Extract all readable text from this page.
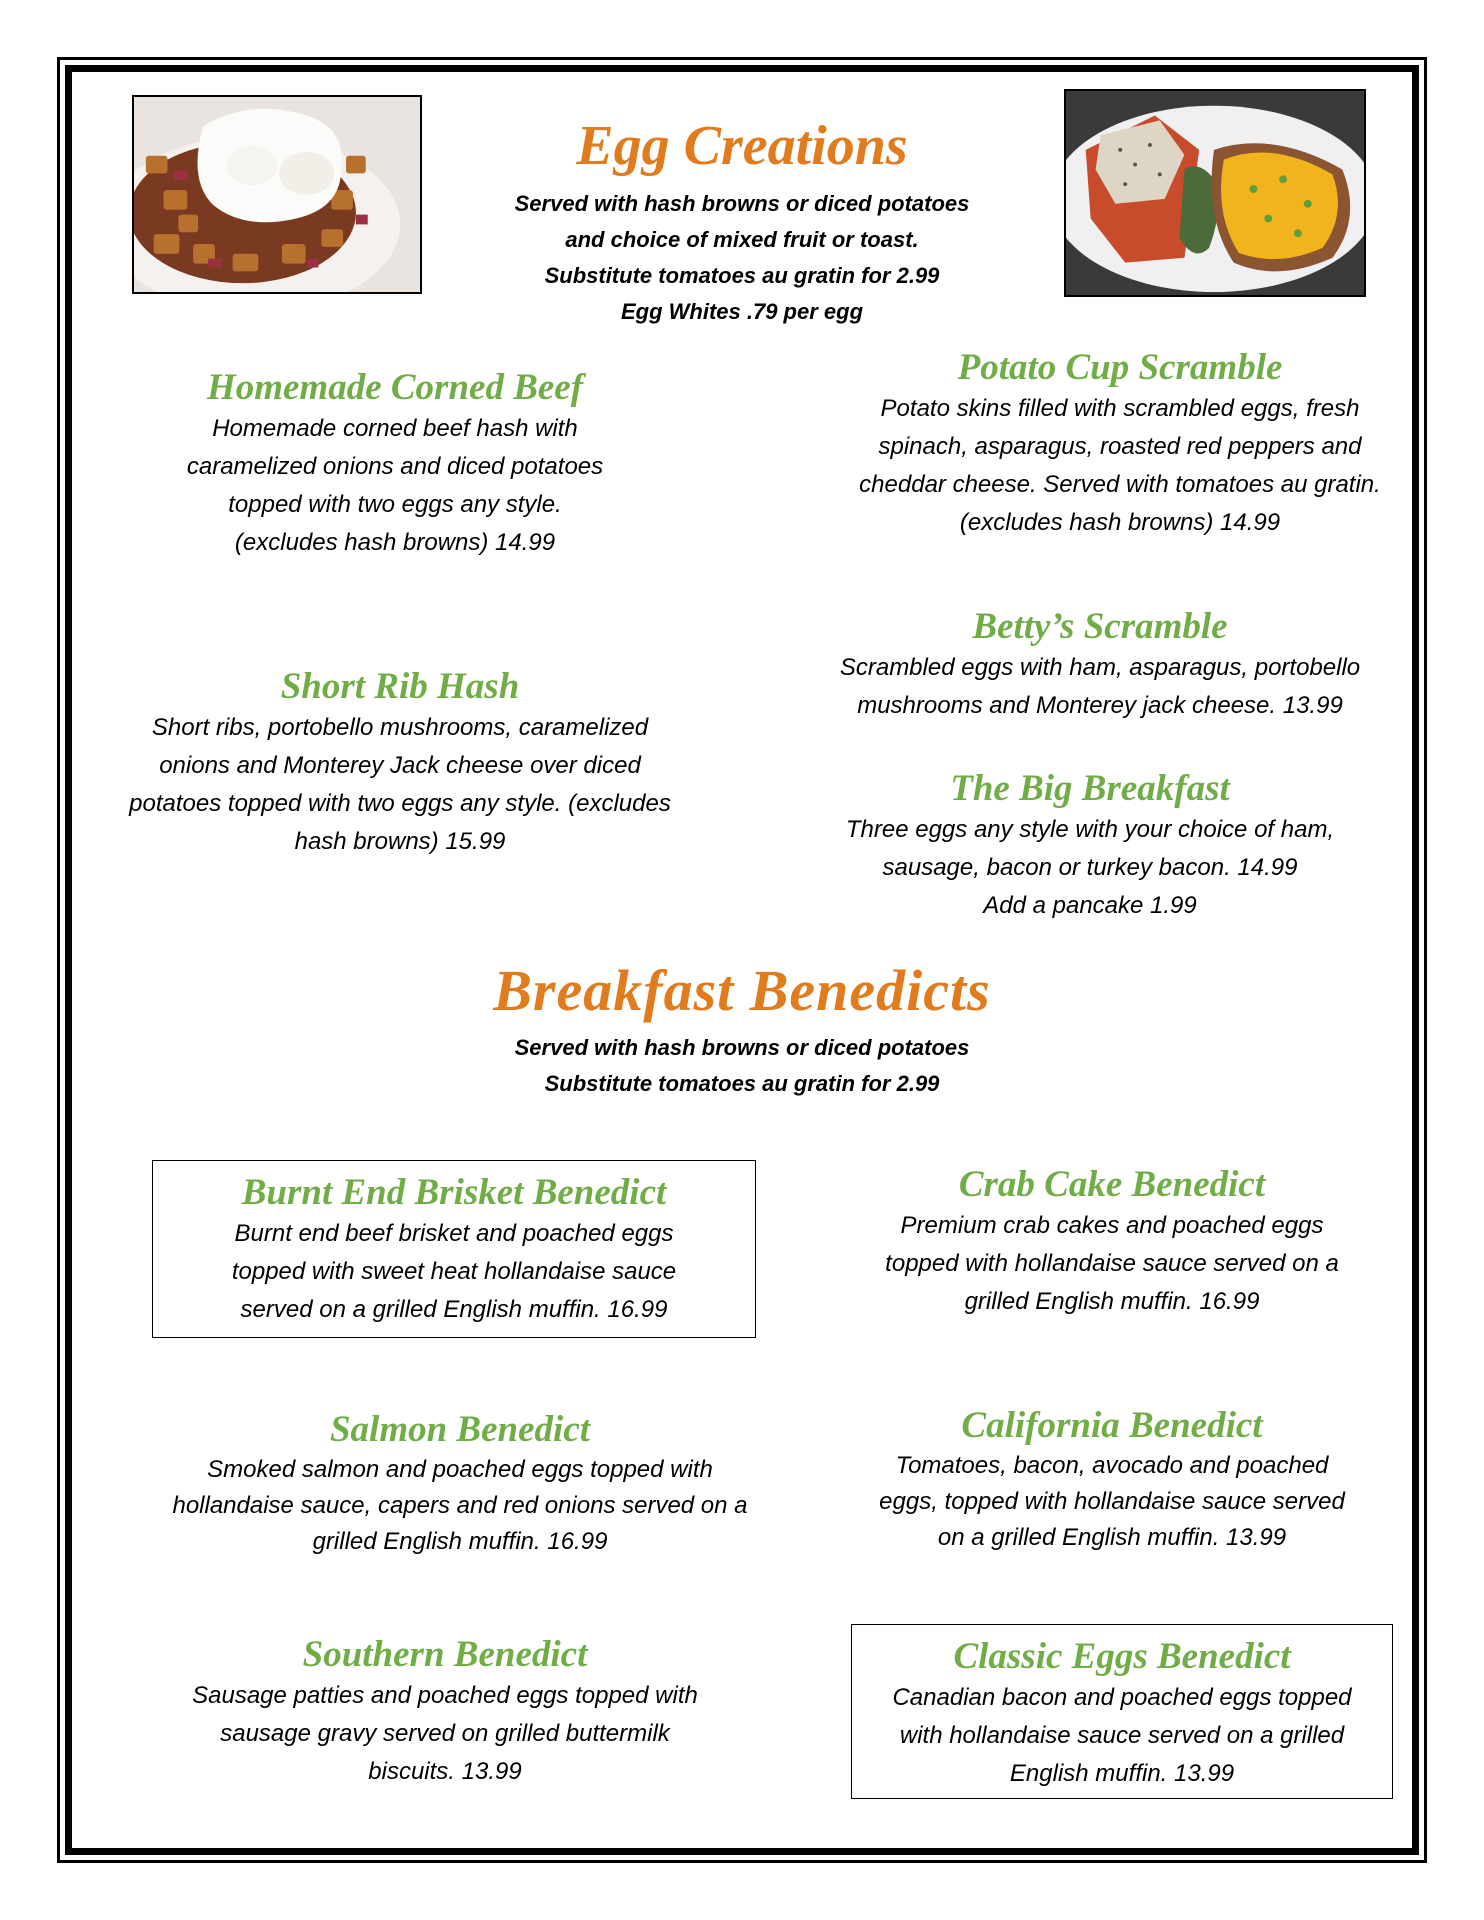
Egg Creations
Served with hash browns or diced potatoes
and choice of mixed fruit or toast.
Substitute tomatoes au gratin for 2.99
Egg Whites .79 per egg
Homemade Corned Beef
Homemade corned beef hash with
caramelized onions and diced potatoes
topped with two eggs any style.
(excludes hash browns) 14.99
Potato Cup Scramble
Potato skins filled with scrambled eggs, fresh
spinach, asparagus, roasted red peppers and
cheddar cheese. Served with tomatoes au gratin.
(excludes hash browns) 14.99
Betty’s Scramble
Scrambled eggs with ham, asparagus, portobello
mushrooms and Monterey jack cheese. 13.99
Short Rib Hash
Short ribs, portobello mushrooms, caramelized
onions and Monterey Jack cheese over diced
potatoes topped with two eggs any style. (excludes
hash browns) 15.99
The Big Breakfast
Three eggs any style with your choice of ham,
sausage, bacon or turkey bacon. 14.99
Add a pancake 1.99
Breakfast Benedicts
Served with hash browns or diced potatoes
Substitute tomatoes au gratin for 2.99
Burnt End Brisket Benedict
Burnt end beef brisket and poached eggs
topped with sweet heat hollandaise sauce
served on a grilled English muffin. 16.99
Crab Cake Benedict
Premium crab cakes and poached eggs
topped with hollandaise sauce served on a
grilled English muffin. 16.99
Salmon Benedict
Smoked salmon and poached eggs topped with
hollandaise sauce, capers and red onions served on a
grilled English muffin. 16.99
California Benedict
Tomatoes, bacon, avocado and poached
eggs, topped with hollandaise sauce served
on a grilled English muffin. 13.99
Southern Benedict
Sausage patties and poached eggs topped with
sausage gravy served on grilled buttermilk
biscuits. 13.99
Classic Eggs Benedict
Canadian bacon and poached eggs topped
with hollandaise sauce served on a grilled
English muffin. 13.99
